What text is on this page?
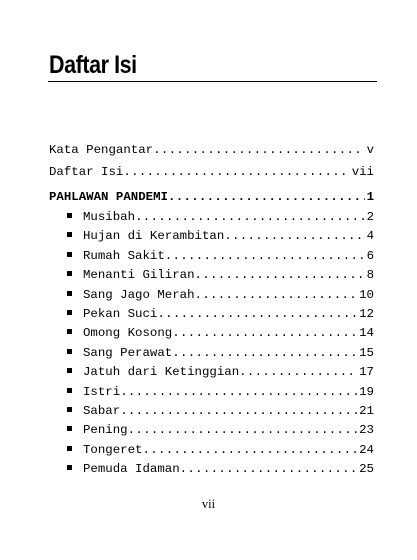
Daftar Isi
Kata Pengantar .....	v
Daftar Isi .....	vii
PAHLAWAN PANDEMI .....	1
Musibah .....	2
Hujan di Kerambitan .....	4
Rumah Sakit .....	6
Menanti Giliran .....	8
Sang Jago Merah .....	10
Pekan Suci .....	12
Omong Kosong .....	14
Sang Perawat .....	15
Jatuh dari Ketinggian .....	17
Istri .....	19
Sabar .....	21
Pening .....	23
Tongeret .....	24
Pemuda Idaman .....	25
vii
